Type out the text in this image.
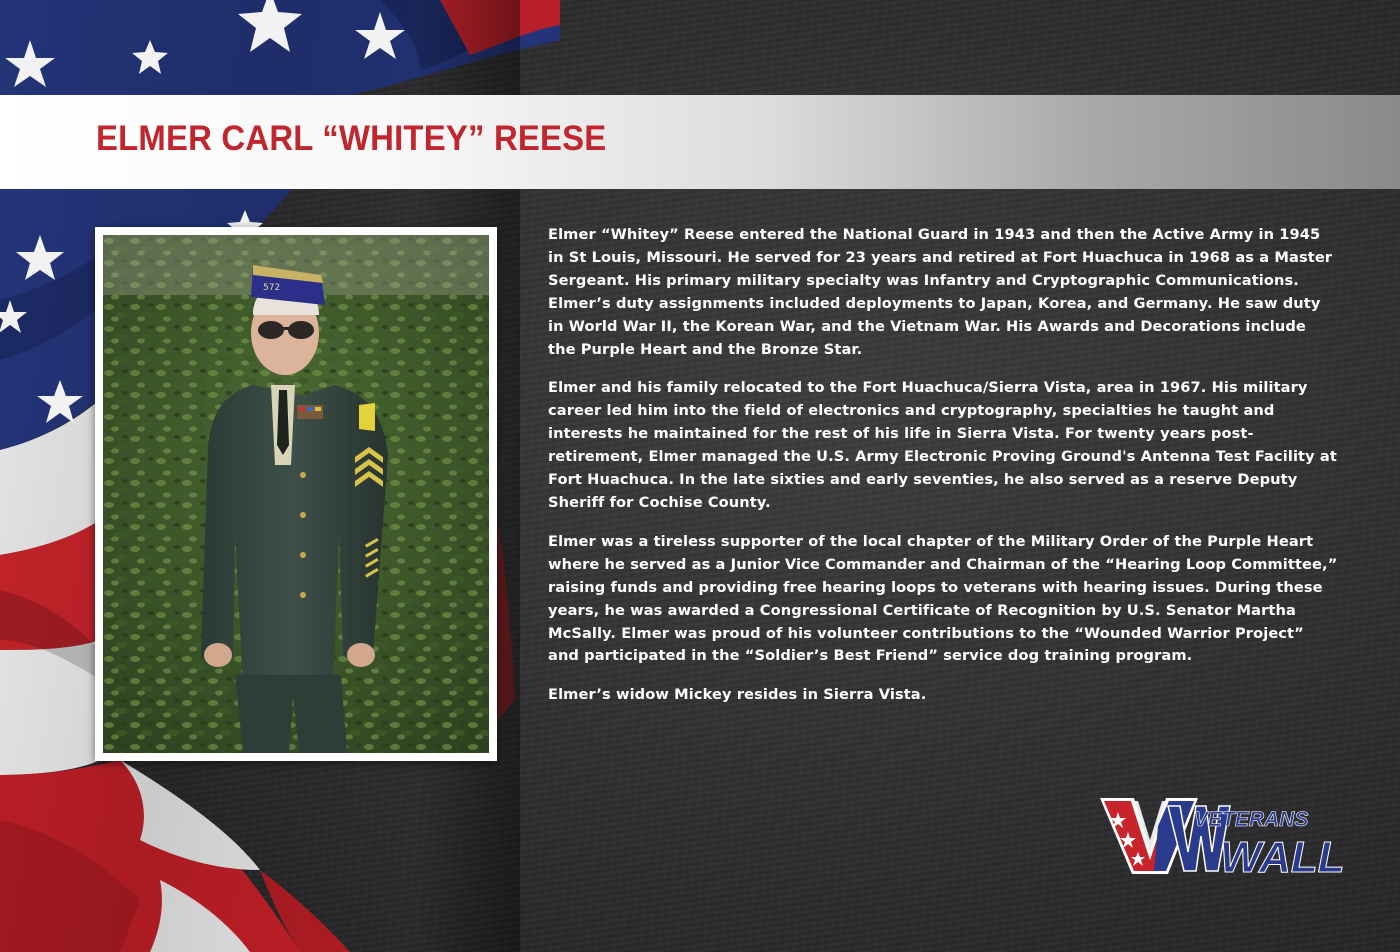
ELMER CARL “WHITEY” REESE
572

Elmer “Whitey” Reese entered the National Guard in 1943 and then the Active Army in 1945 in St Louis, Missouri. He served for 23 years and retired at Fort Huachuca in 1968 as a Master Sergeant. His primary military specialty was Infantry and Cryptographic Communications. Elmer’s duty assignments included deployments to Japan, Korea, and Germany. He saw duty in World War II, the Korean War, and the Vietnam War. His Awards and Decorations include the Purple Heart and the Bronze Star.

Elmer and his family relocated to the Fort Huachuca/Sierra Vista, area in 1967. His military career led him into the field of electronics and cryptography, specialties he taught and interests he maintained for the rest of his life in Sierra Vista. For twenty years post-retirement, Elmer managed the U.S. Army Electronic Proving Ground's Antenna Test Facility at Fort Huachuca. In the late sixties and early seventies, he also served as a reserve Deputy Sheriff for Cochise County.

Elmer was a tireless supporter of the local chapter of the Military Order of the Purple Heart where he served as a Junior Vice Commander and Chairman of the “Hearing Loop Committee,” raising funds and providing free hearing loops to veterans with hearing issues. During these years, he was awarded a Congressional Certificate of Recognition by U.S. Senator Martha McSally. Elmer was proud of his volunteer contributions to the “Wounded Warrior Project” and participated in the “Soldier’s Best Friend” service dog training program.

Elmer’s widow Mickey resides in Sierra Vista.

VETERANS
WALL
